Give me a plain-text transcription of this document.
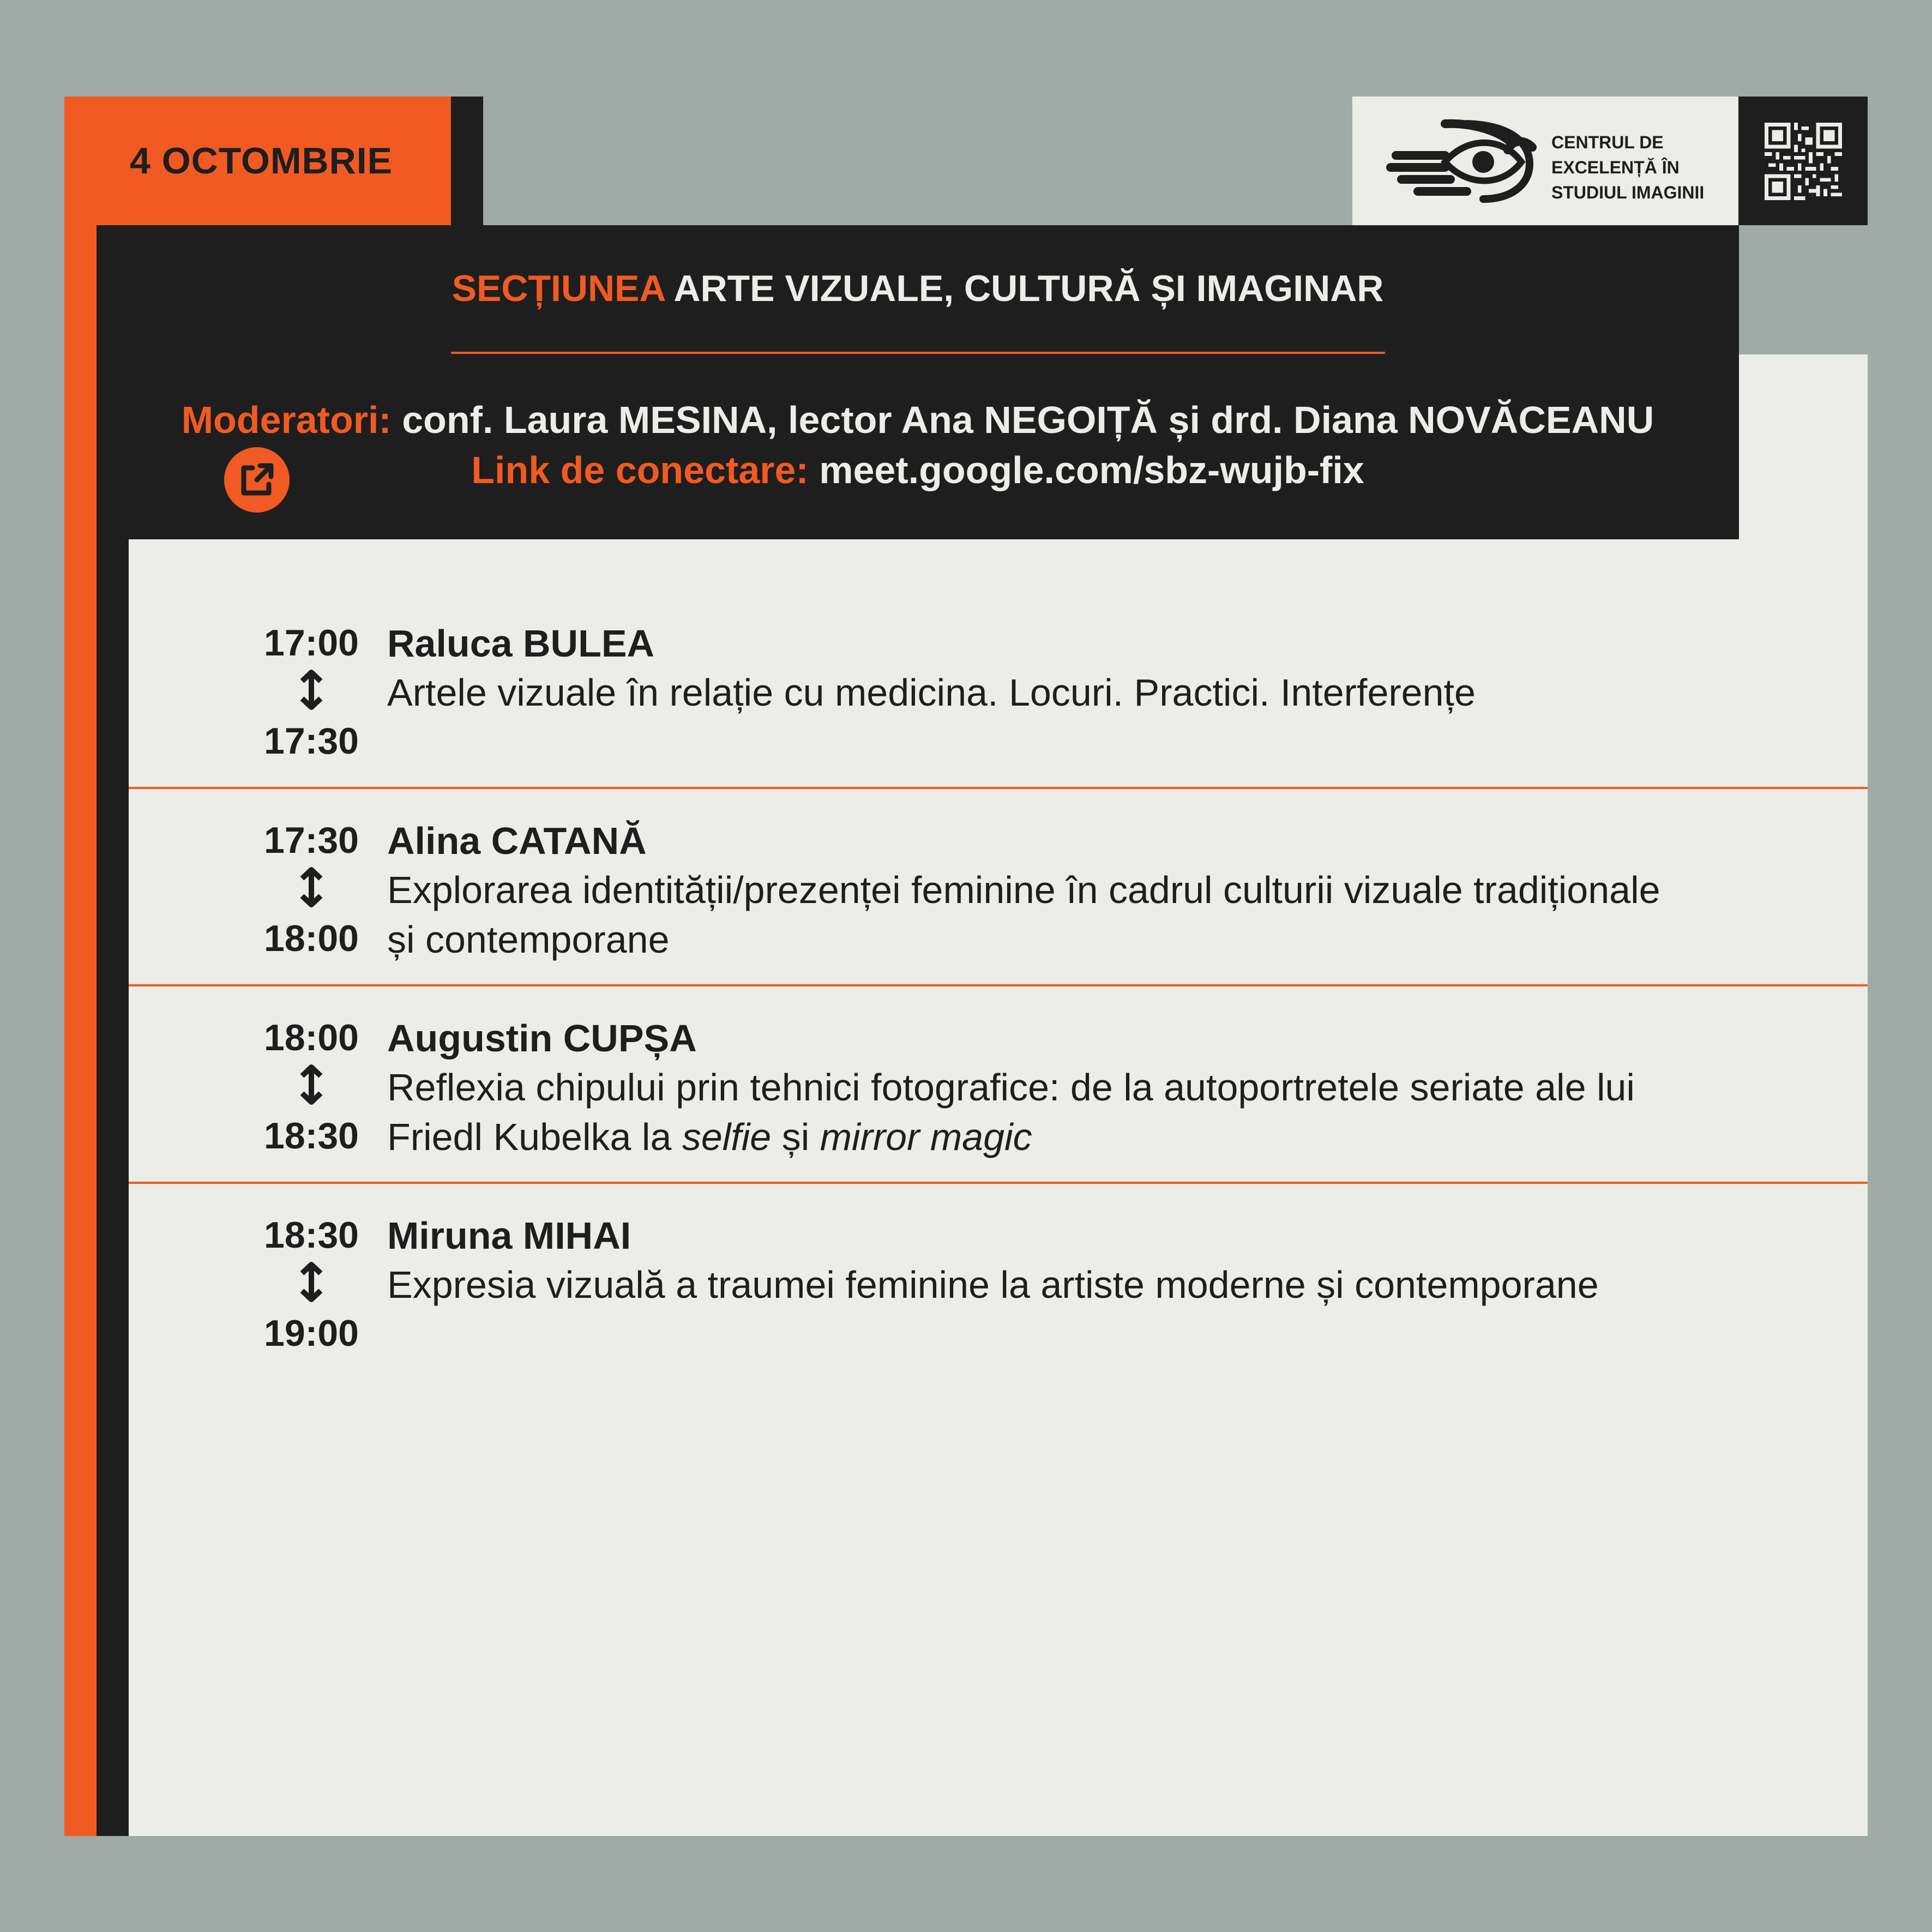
4 OCTOMBRIE	CENTRUL DE
EXCELENȚĂ ÎN
STUDIUL IMAGINII
SECȚIUNEA ARTE VIZUALE, CULTURĂ ȘI IMAGINAR
Moderatori: conf. Laura MESINA, lector Ana NEGOIȚĂ și drd. Diana NOVĂCEANU
Link de conectare: meet.google.com/sbz-wujb-fix
17:00
17:30
Raluca BULEA
Artele vizuale în relație cu medicina. Locuri. Practici. Interferențe
17:30
18:00
Alina CATANĂ
Explorarea identității/prezenței feminine în cadrul culturii vizuale tradiționale
și contemporane
18:00
18:30
Augustin CUPȘA
Reflexia chipului prin tehnici fotografice: de la autoportretele seriate ale lui
Friedl Kubelka la selfie și mirror magic
18:30
19:00
Miruna MIHAI
Expresia vizuală a traumei feminine la artiste moderne și contemporane
